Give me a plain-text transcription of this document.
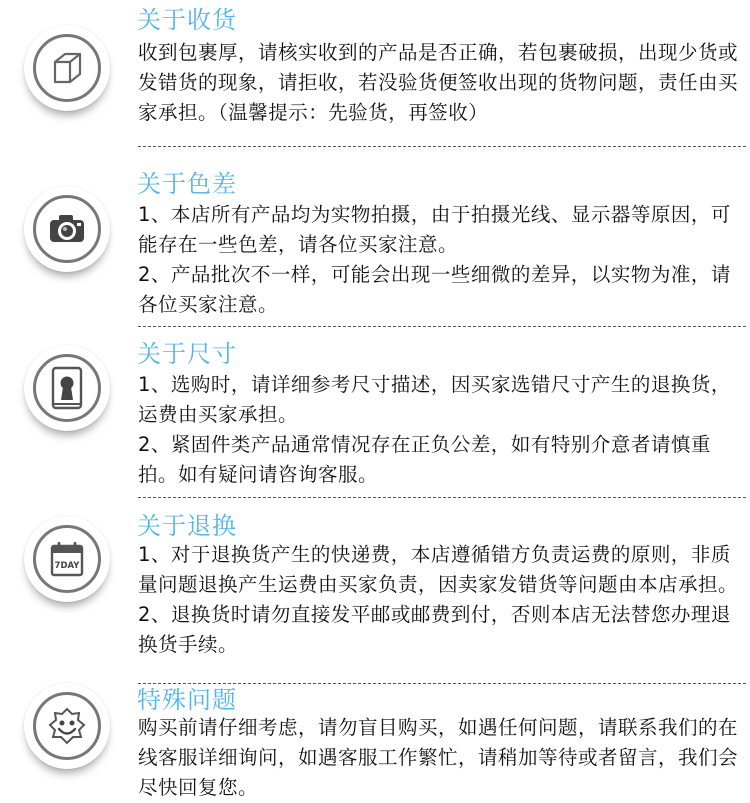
关于收货

收到包裹厚，请核实收到的产品是否正确，若包裹破损，出现少货或发错货的现象，请拒收，若没验货便签收出现的货物问题，责任由买家承担。（温馨提示：先验货，再签收）

关于色差

1、本店所有产品均为实物拍摄，由于拍摄光线、显示器等原因，可能存在一些色差，请各位买家注意。

2、产品批次不一样，可能会出现一些细微的差异，以实物为准，请各位买家注意。

关于尺寸

1、选购时，请详细参考尺寸描述，因买家选错尺寸产生的退换货，运费由买家承担。

2、紧固件类产品通常情况存在正负公差，如有特别介意者请慎重拍。如有疑问请咨询客服。

7DAY
关于退换

1、对于退换货产生的快递费，本店遵循错方负责运费的原则，非质量问题退换产生运费由买家负责，因卖家发错货等问题由本店承担。

2、退换货时请勿直接发平邮或邮费到付，否则本店无法替您办理退换货手续。

特殊问题

购买前请仔细考虑，请勿盲目购买，如遇任何问题，请联系我们的在线客服详细询问，如遇客服工作繁忙，请稍加等待或者留言，我们会尽快回复您。
